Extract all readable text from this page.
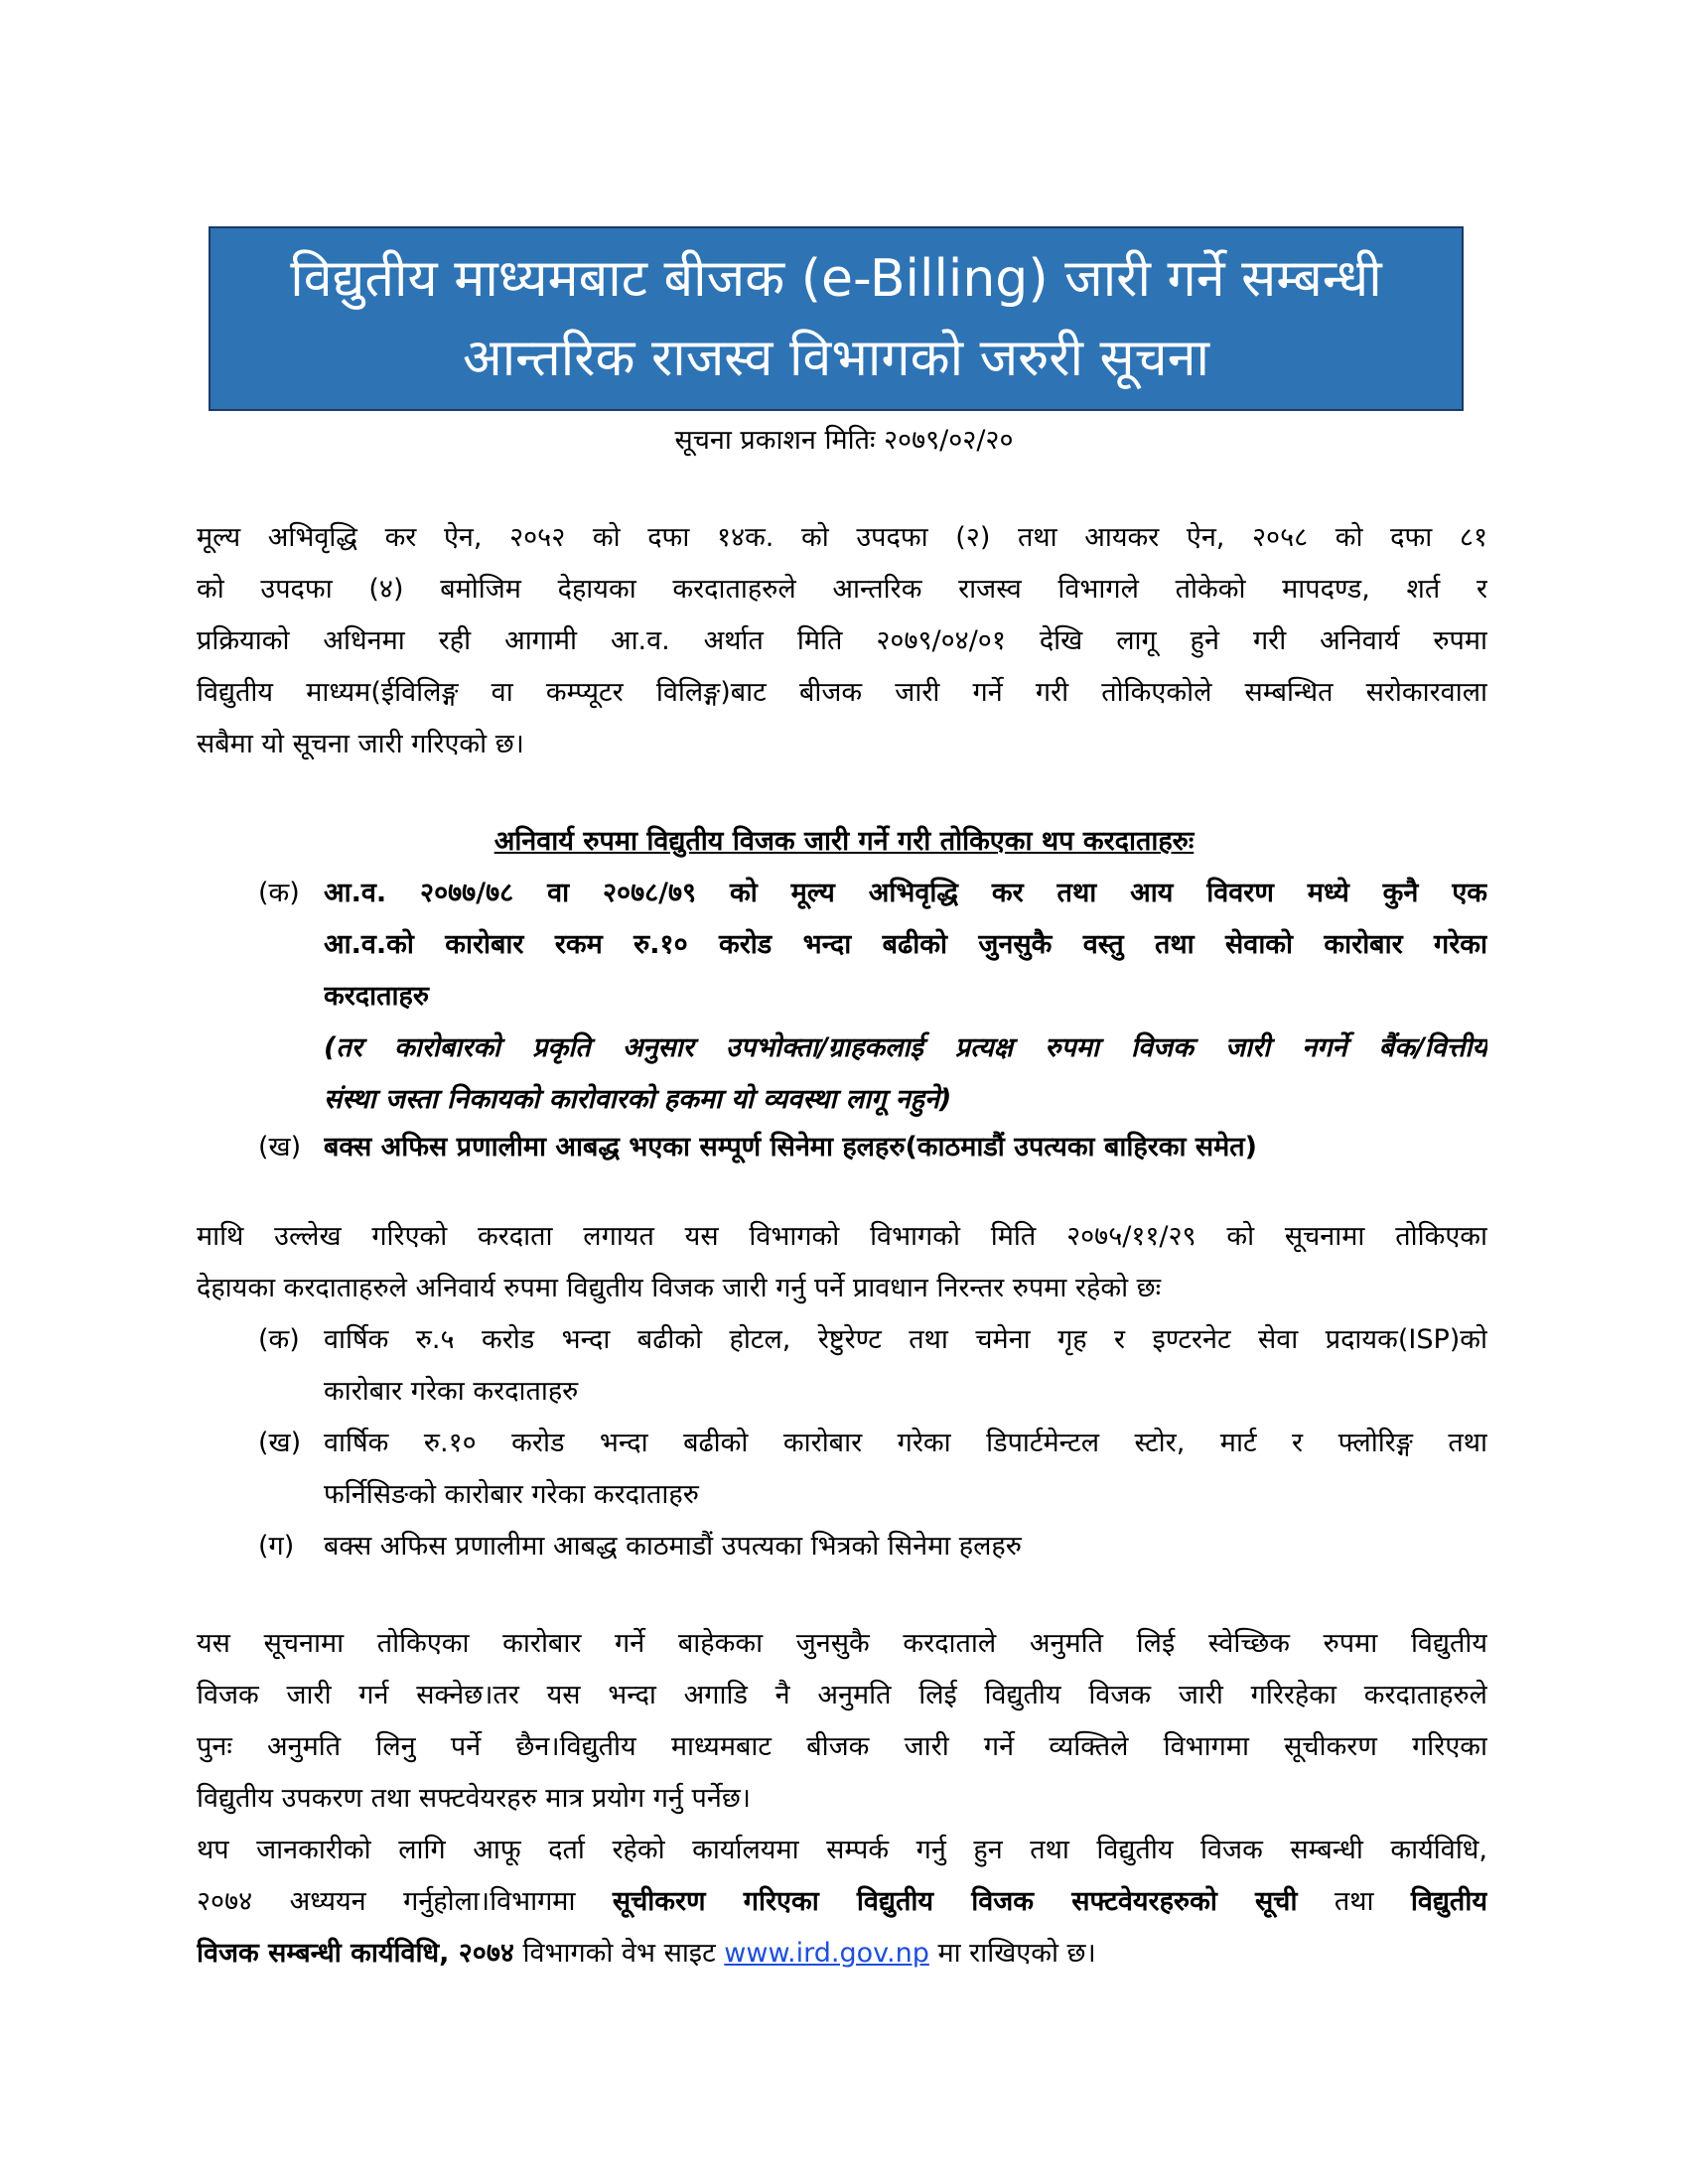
विद्युतीय माध्यमबाट बीजक (e-Billing) जारी गर्ने सम्बन्धी
आन्तरिक राजस्व विभागको जरुरी सूचना
सूचना प्रकाशन मितिः २०७९/०२/२०
मूल्य अभिवृद्धि कर ऐन, २०५२ को दफा १४क. को उपदफा (२) तथा आयकर ऐन, २०५८ को दफा ८१
को उपदफा (४) बमोजिम देहायका करदाताहरुले आन्तरिक राजस्व विभागले तोकेको मापदण्ड, शर्त र
प्रक्रियाको अधिनमा रही आगामी आ.व. अर्थात मिति २०७९/०४/०१ देखि लागू हुने गरी अनिवार्य रुपमा
विद्युतीय माध्यम(ईविलिङ्ग वा कम्प्यूटर विलिङ्ग)बाट बीजक जारी गर्ने गरी तोकिएकोले सम्बन्धित सरोकारवाला
सबैमा यो सूचना जारी गरिएको छ।
अनिवार्य रुपमा विद्युतीय विजक जारी गर्ने गरी तोकिएका थप करदाताहरुः
(क) आ.व. २०७७/७८ वा २०७८/७९ को मूल्य अभिवृद्धि कर तथा आय विवरण मध्ये कुनै एक
आ.व.को कारोबार रकम रु.१० करोड भन्दा बढीको जुनसुकै वस्तु तथा सेवाको कारोबार गरेका
करदाताहरु
(तर कारोबारको प्रकृति अनुसार उपभोक्ता/ग्राहकलाई प्रत्यक्ष रुपमा विजक जारी नगर्ने बैंक/वित्तीय
संस्था जस्ता निकायको कारोवारको हकमा यो व्यवस्था लागू नहुने)
(ख) बक्स अफिस प्रणालीमा आबद्ध भएका सम्पूर्ण सिनेमा हलहरु(काठमाडौं उपत्यका बाहिरका समेत)
माथि उल्लेख गरिएको करदाता लगायत यस विभागको विभागको मिति २०७५/११/२९ को सूचनामा तोकिएका
देहायका करदाताहरुले अनिवार्य रुपमा विद्युतीय विजक जारी गर्नु पर्ने प्रावधान निरन्तर रुपमा रहेको छः
(क) वार्षिक रु.५ करोड भन्दा बढीको होटल, रेष्टुरेण्ट तथा चमेना गृह र इण्टरनेट सेवा प्रदायक(ISP)को
कारोबार गरेका करदाताहरु
(ख) वार्षिक रु.१० करोड भन्दा बढीको कारोबार गरेका डिपार्टमेन्टल स्टोर, मार्ट र फ्लोरिङ्ग तथा
फर्निसिङको कारोबार गरेका करदाताहरु
(ग) बक्स अफिस प्रणालीमा आबद्ध काठमाडौं उपत्यका भित्रको सिनेमा हलहरु
यस सूचनामा तोकिएका कारोबार गर्ने बाहेकका जुनसुकै करदाताले अनुमति लिई स्वेच्छिक रुपमा विद्युतीय
विजक जारी गर्न सक्नेछ।तर यस भन्दा अगाडि नै अनुमति लिई विद्युतीय विजक जारी गरिरहेका करदाताहरुले
पुनः अनुमति लिनु पर्ने छैन।विद्युतीय माध्यमबाट बीजक जारी गर्ने व्यक्तिले विभागमा सूचीकरण गरिएका
विद्युतीय उपकरण तथा सफ्टवेयरहरु मात्र प्रयोग गर्नु पर्नेछ।
थप जानकारीको लागि आफू दर्ता रहेको कार्यालयमा सम्पर्क गर्नु हुन तथा विद्युतीय विजक सम्बन्धी कार्यविधि,
२०७४ अध्ययन गर्नुहोला।विभागमा सूचीकरण गरिएका विद्युतीय विजक सफ्टवेयरहरुको सूची तथा विद्युतीय
विजक सम्बन्धी कार्यविधि, २०७४ विभागको वेभ साइट www.ird.gov.np मा राखिएको छ।
